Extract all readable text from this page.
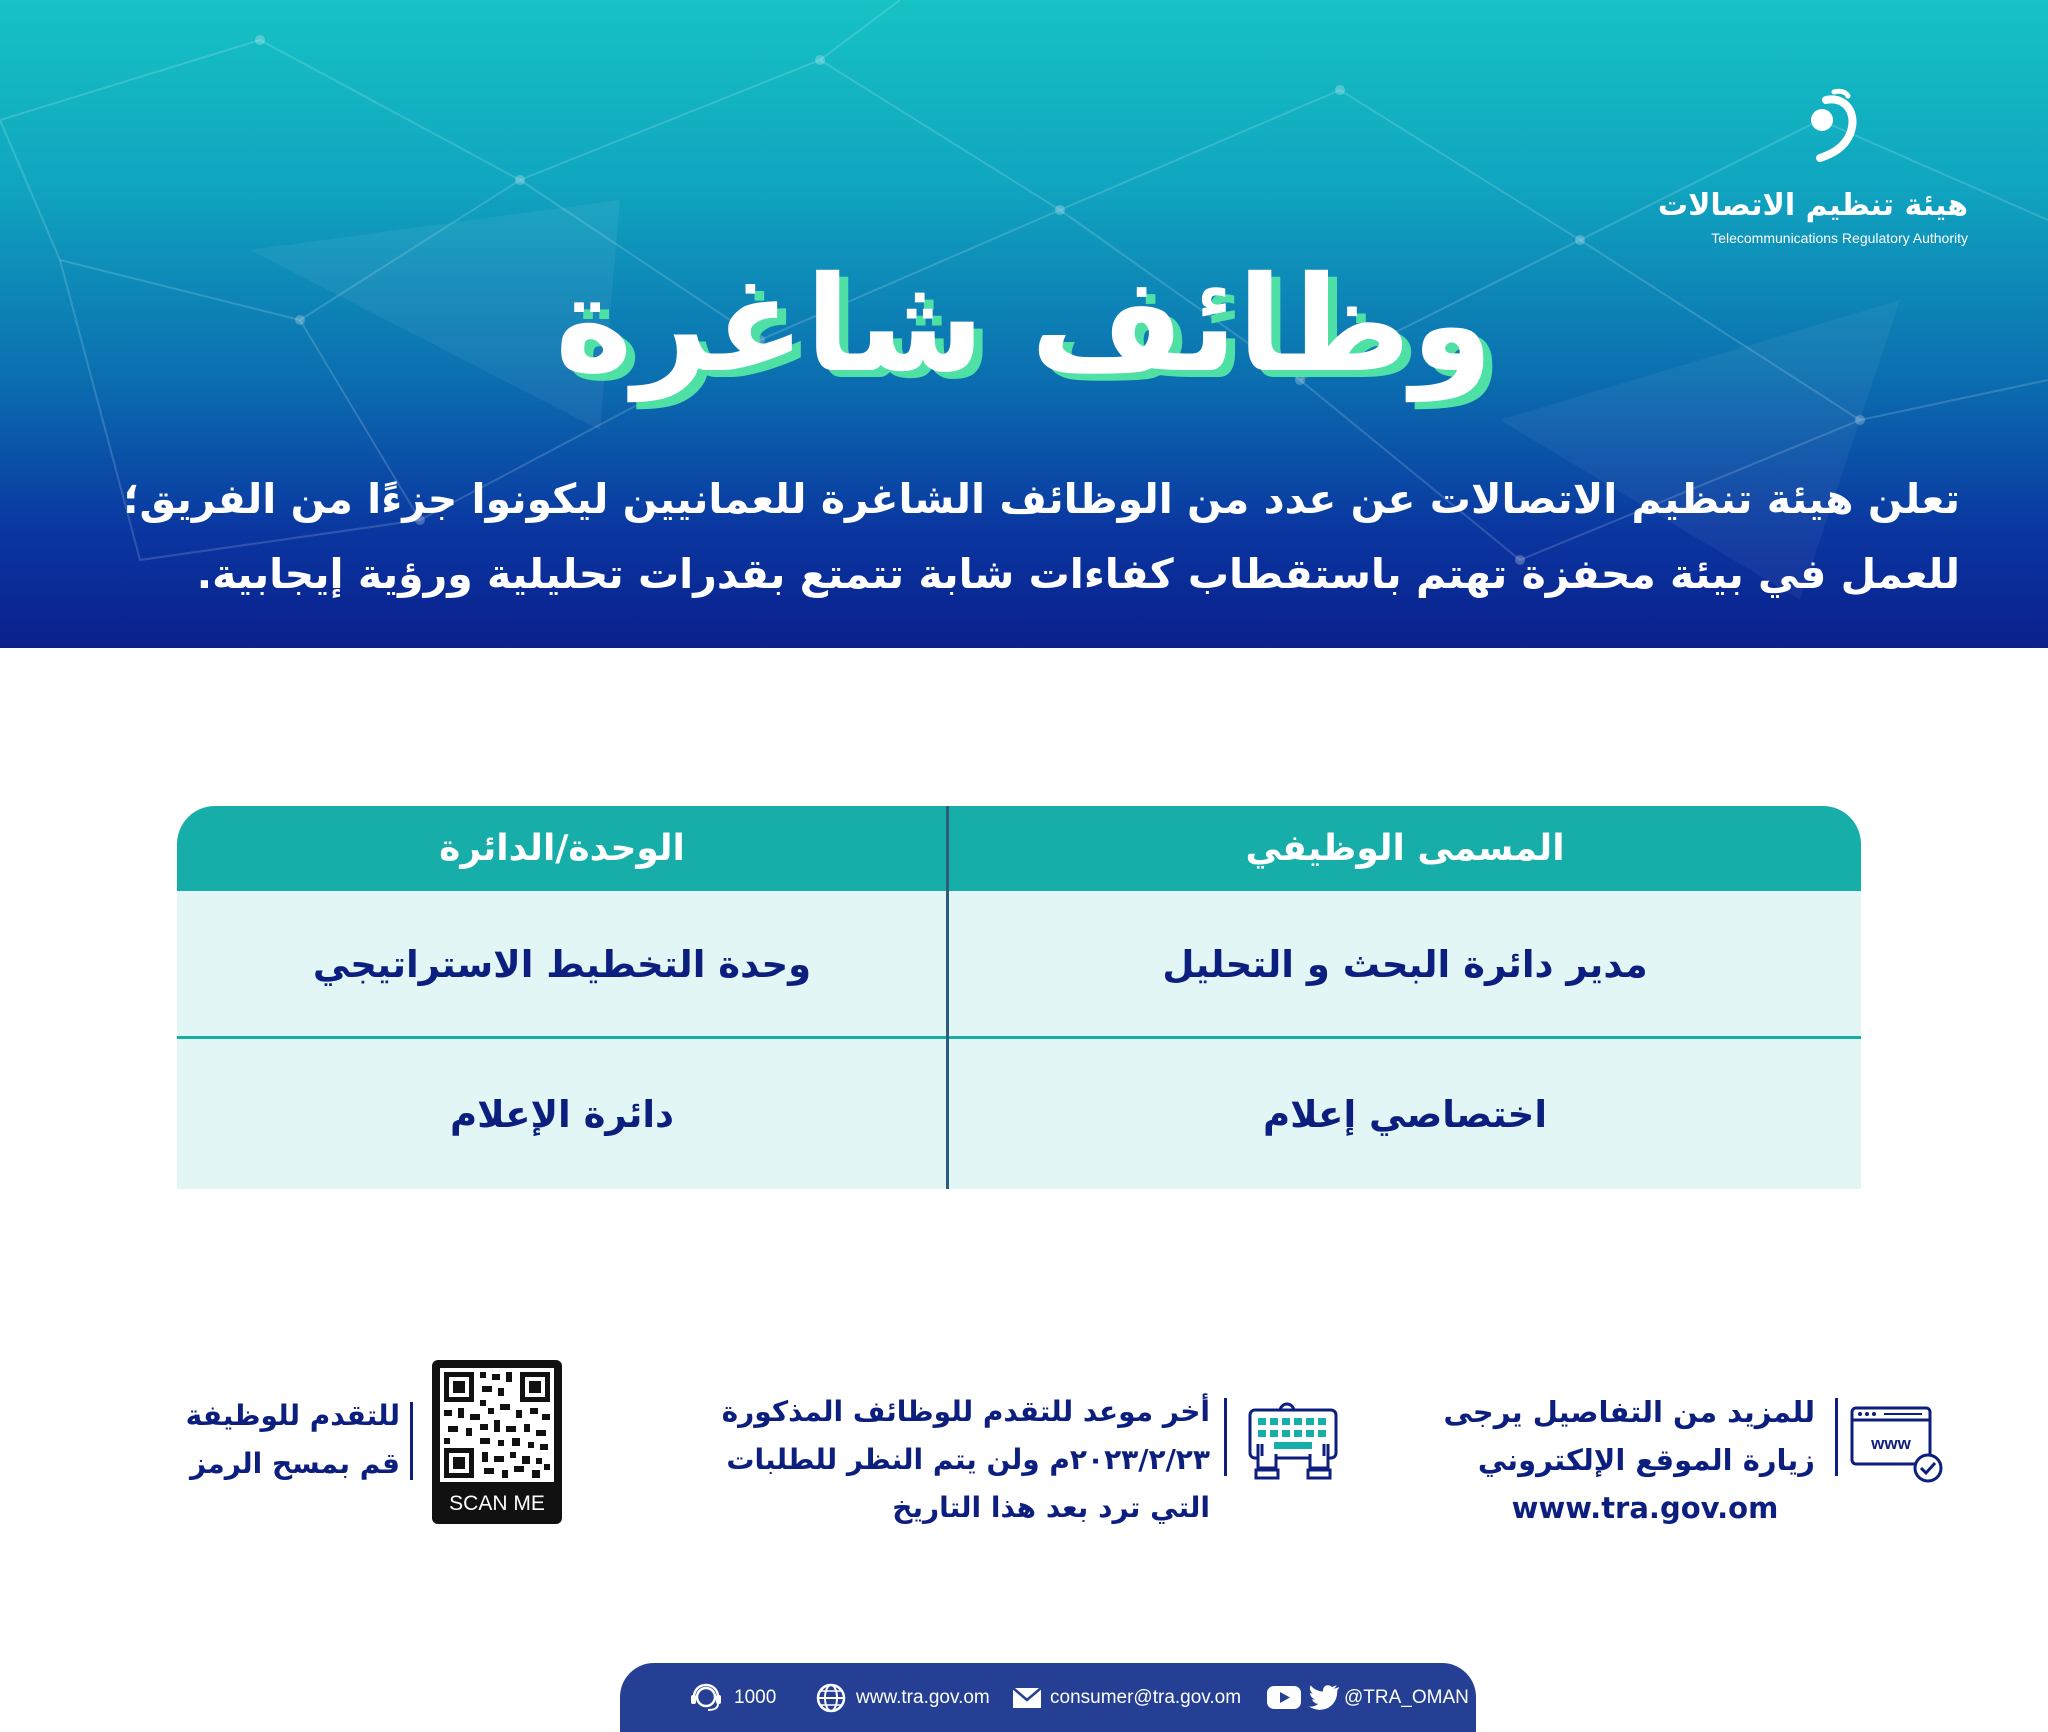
هيئة تنظيم الاتصالات
Telecommunications Regulatory Authority
وظائف شاغرة
تعلن هيئة تنظيم الاتصالات عن عدد من الوظائف الشاغرة للعمانيين ليكونوا جزءًا من الفريق؛
للعمل في بيئة محفزة تهتم باستقطاب كفاءات شابة تتمتع بقدرات تحليلية ورؤية إيجابية.
المسمى الوظيفي
الوحدة/الدائرة
مدير دائرة البحث و التحليل
وحدة التخطيط الاستراتيجي
اختصاصي إعلام
دائرة الإعلام
www
للمزيد من التفاصيل يرجى
زيارة الموقع الإلكتروني
www.tra.gov.om
أخر موعد للتقدم للوظائف المذكورة
٢٠٢٣/٢/٢٣م ولن يتم النظر للطلبات
التي ترد بعد هذا التاريخ
SCAN ME
للتقدم للوظيفة
قم بمسح الرمز
@TRA_OMAN
consumer@tra.gov.om
www.tra.gov.om
1000
